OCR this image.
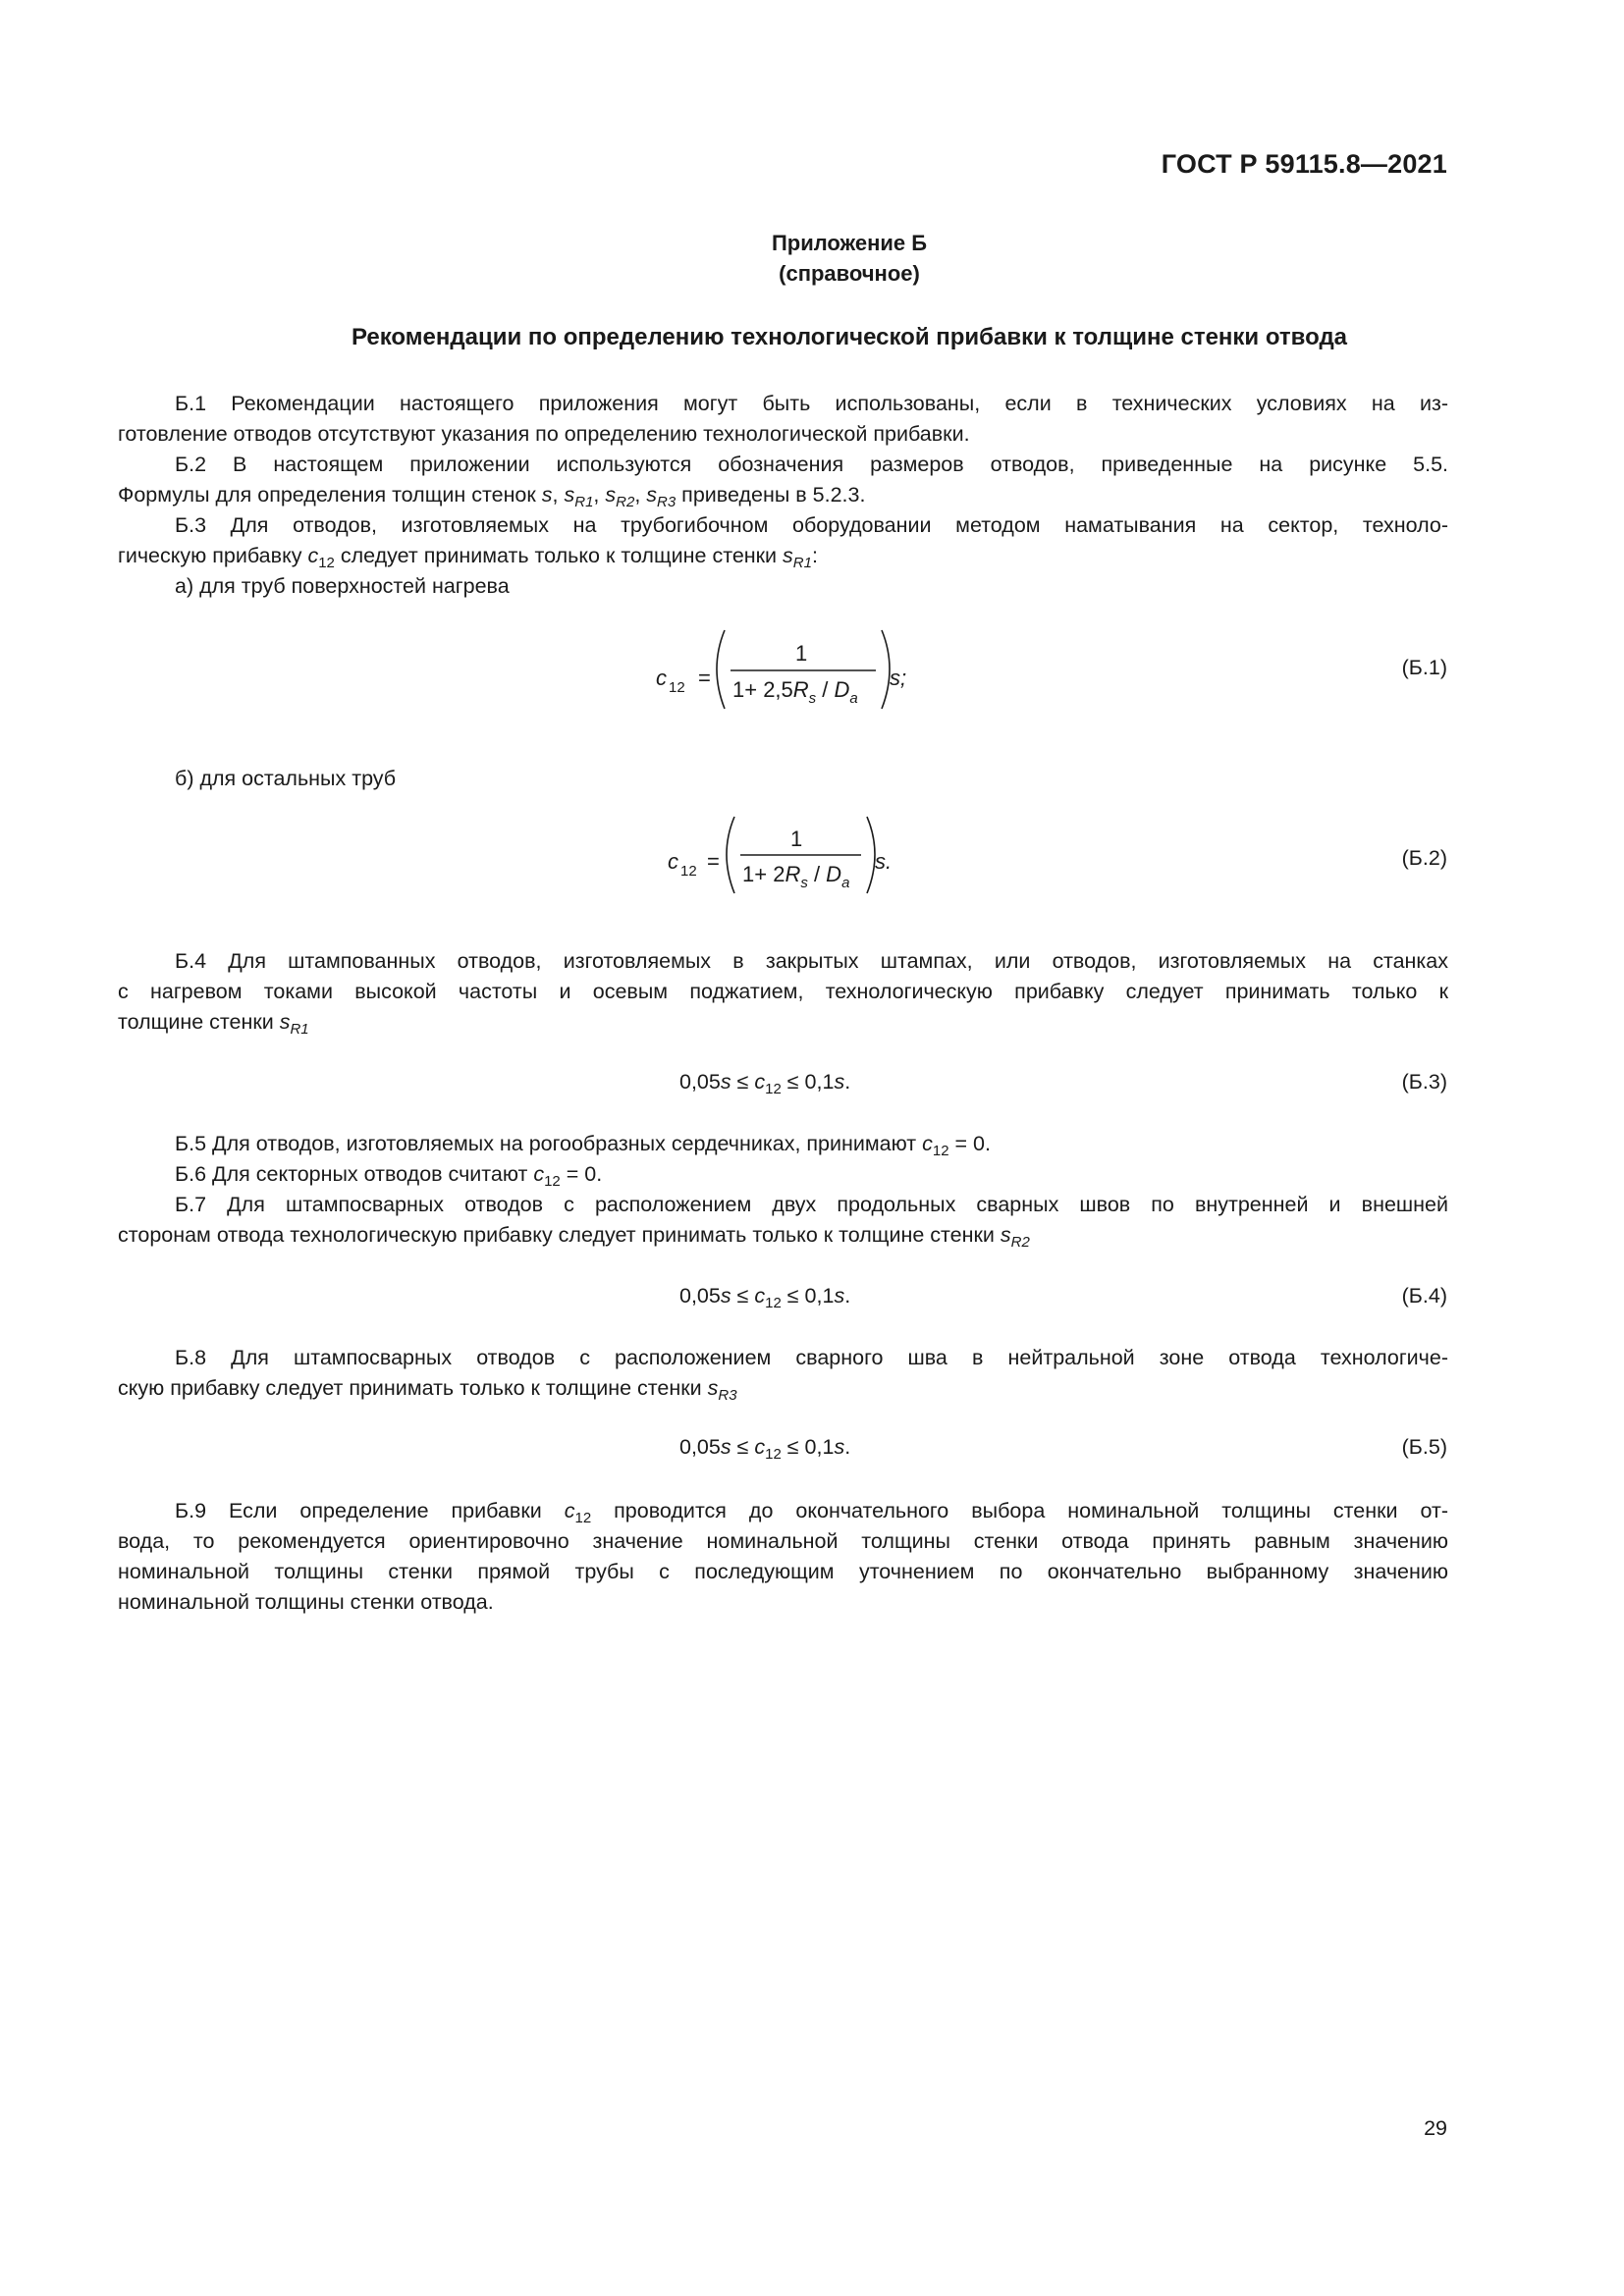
ГОСТ Р 59115.8—2021
Приложение Б
(справочное)
Рекомендации по определению технологической прибавки к толщине стенки отвода

Б.1 Рекомендации настоящего приложения могут быть использованы, если в технических условиях на из-

готовление отводов отсутствуют указания по определению технологической прибавки.

Б.2 В настоящем приложении используются обозначения размеров отводов, приведенные на рисунке 5.5.

Формулы для определения толщин стенок s, $s_{R1}$, $s_{R2}$, $s_{R3}$ приведены в 5.2.3.

Б.3 Для отводов, изготовляемых на трубогибочном оборудовании методом наматывания на сектор, техноло-

гическую прибавку $c_{12}$ следует принимать только к толщине стенки $s_{R1}$:

а) для труб поверхностей нагрева

c 12 =
1
$1+ 2,5R_s / D_a$
s;	(Б.1)

б) для остальных труб

c 12 =
1
$1+ 2R_s / D_a$
s.	(Б.2)

Б.4 Для штампованных отводов, изготовляемых в закрытых штампах, или отводов, изготовляемых на станках

с нагревом токами высокой частоты и осевым поджатием, технологическую прибавку следует принимать только к

толщине стенки $s_{R1}$

$0,05s \le c_{12} \le 0,1s$.	(Б.3)

Б.5 Для отводов, изготовляемых на рогообразных сердечниках, принимают $c_{12} = 0$.

Б.6 Для секторных отводов считают $c_{12} = 0$.

Б.7 Для штампосварных отводов с расположением двух продольных сварных швов по внутренней и внешней

сторонам отвода технологическую прибавку следует принимать только к толщине стенки $s_{R2}$

$0,05s \le c_{12} \le 0,1s$.	(Б.4)

Б.8 Для штампосварных отводов с расположением сварного шва в нейтральной зоне отвода технологиче-

скую прибавку следует принимать только к толщине стенки $s_{R3}$

$0,05s \le c_{12} \le 0,1s$.	(Б.5)

Б.9 Если определение прибавки $c_{12}$ проводится до окончательного выбора номинальной толщины стенки от-

вода, то рекомендуется ориентировочно значение номинальной толщины стенки отвода принять равным значению

номинальной толщины стенки прямой трубы с последующим уточнением по окончательно выбранному значению

номинальной толщины стенки отвода.

29
